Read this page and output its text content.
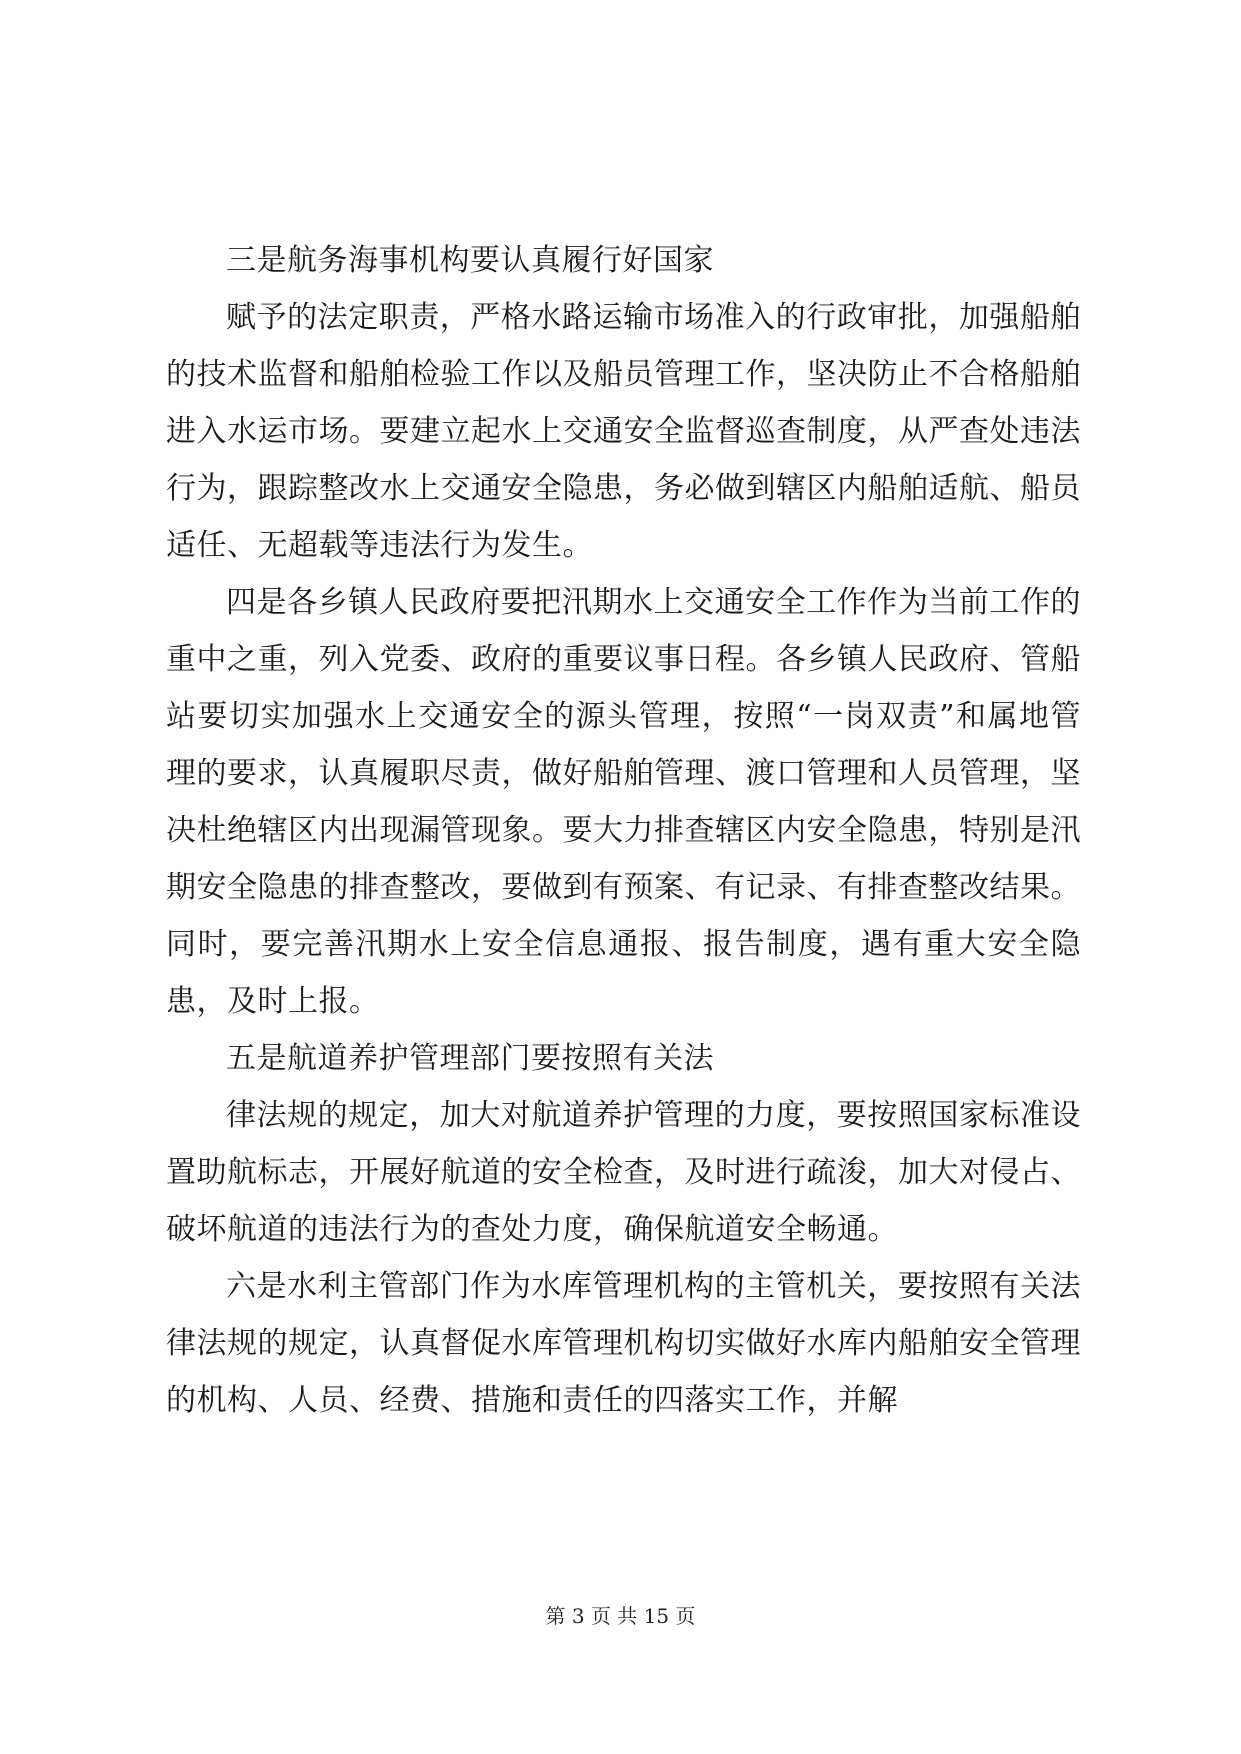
三是航务海事机构要认真履行好国家

赋予的法定职责，严格水路运输市场准入的行政审批，加强船舶的技术监督和船舶检验工作以及船员管理工作，坚决防止不合格船舶进入水运市场。要建立起水上交通安全监督巡查制度，从严查处违法行为，跟踪整改水上交通安全隐患，务必做到辖区内船舶适航、船员适任、无超载等违法行为发生。

四是各乡镇人民政府要把汛期水上交通安全工作作为当前工作的重中之重，列入党委、政府的重要议事日程。各乡镇人民政府、管船站要切实加强水上交通安全的源头管理，按照“一岗双责”和属地管理的要求，认真履职尽责，做好船舶管理、渡口管理和人员管理，坚决杜绝辖区内出现漏管现象。要大力排查辖区内安全隐患，特别是汛期安全隐患的排查整改，要做到有预案、有记录、有排查整改结果。同时，要完善汛期水上安全信息通报、报告制度，遇有重大安全隐患，及时上报。

五是航道养护管理部门要按照有关法

律法规的规定，加大对航道养护管理的力度，要按照国家标准设置助航标志，开展好航道的安全检查，及时进行疏浚，加大对侵占、破坏航道的违法行为的查处力度，确保航道安全畅通。

六是水利主管部门作为水库管理机构的主管机关，要按照有关法律法规的规定，认真督促水库管理机构切实做好水库内船舶安全管理的机构、人员、经费、措施和责任的四落实工作，并解

第 3 页 共 15 页
